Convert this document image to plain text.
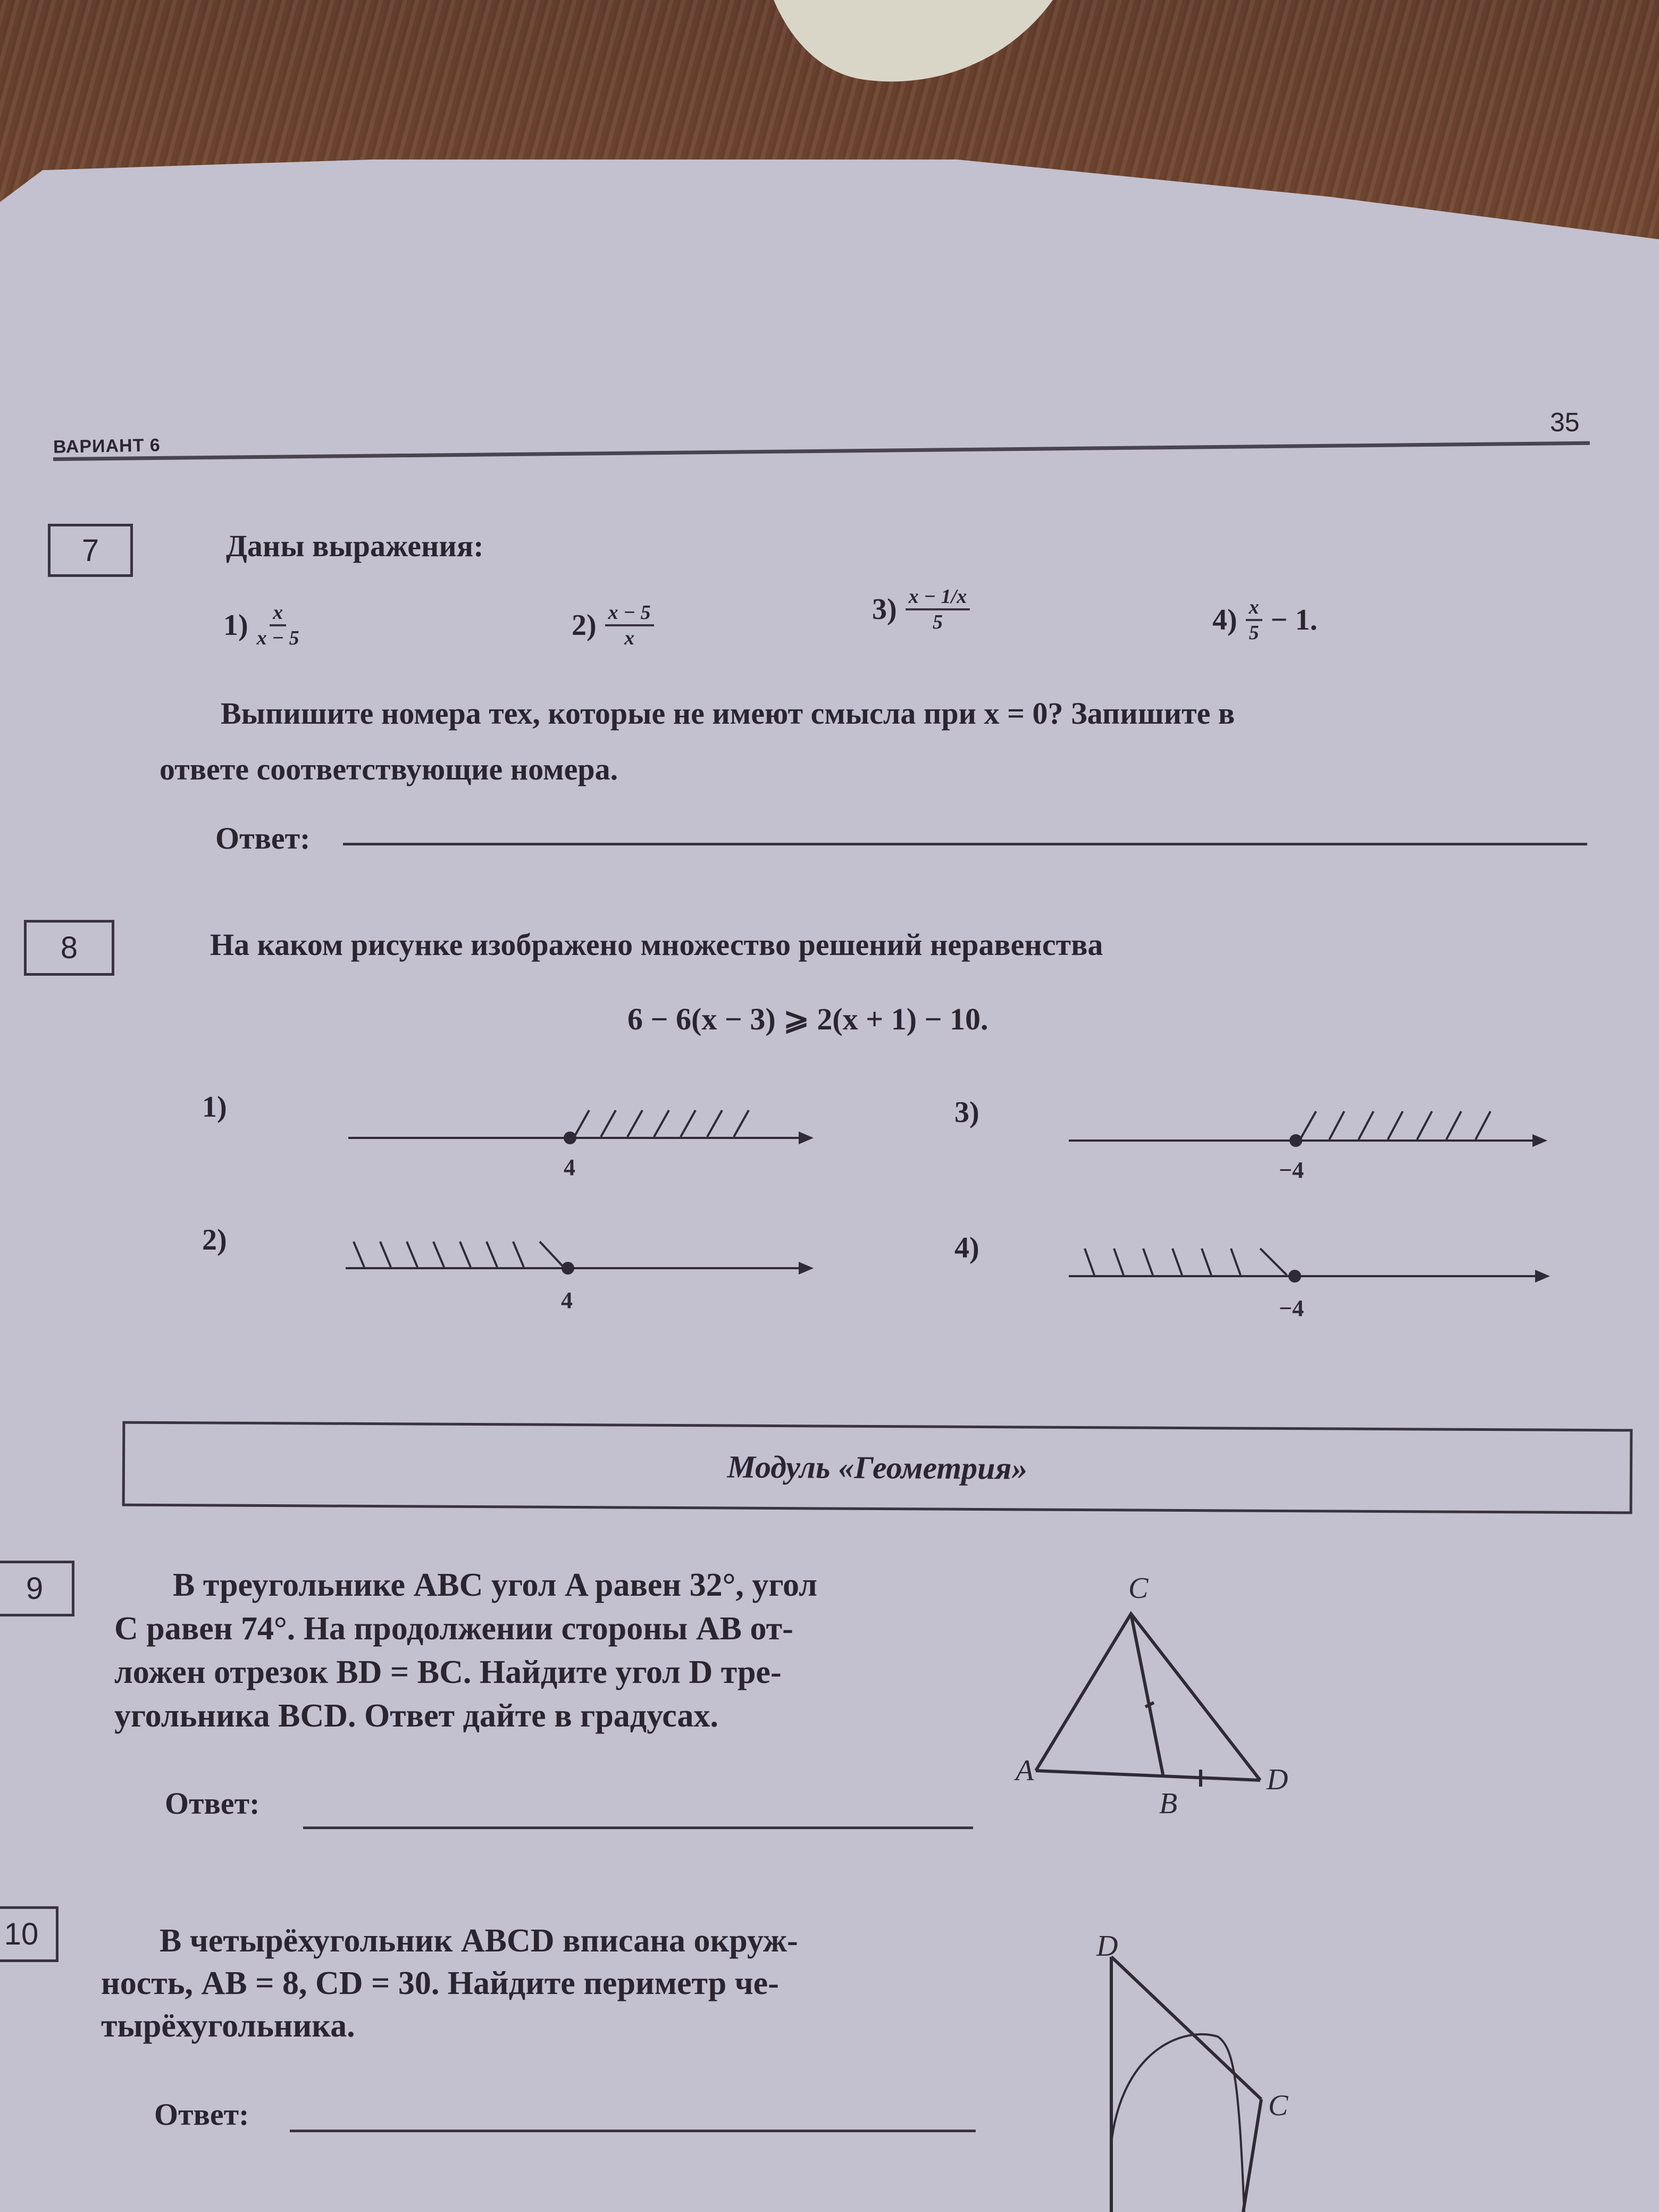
ВАРИАНТ 6
35
7	Даны выражения:
$1) \frac{x}{x - 5}$	$2) \frac{x - 5}{x}$	$3) \frac{x - 1/x}{5}$	$4) \frac{x}{5} - 1$.
Выпишите номера тех, которые не имеют смысла при x = 0? Запишите в
ответе соответствующие номера.
Ответ:
8	На каком рисунке изображено множество решений неравенства
6 − 6(x − 3) ⩾ 2(x + 1) − 10.
1)
2)
3)
4)
4
4
−4
−4
Модуль «Геометрия»
9	В треугольнике ABC угол A равен 32°, угол
C равен 74°. На продолжении стороны AB от-
ложен отрезок BD = BC. Найдите угол D тре-
угольника BCD. Ответ дайте в градусах.
Ответ:
C
A
B
D
10	В четырёхугольник ABCD вписана окруж-
ность, AB = 8, CD = 30. Найдите периметр че-
тырёхугольника.
Ответ:
D
C
